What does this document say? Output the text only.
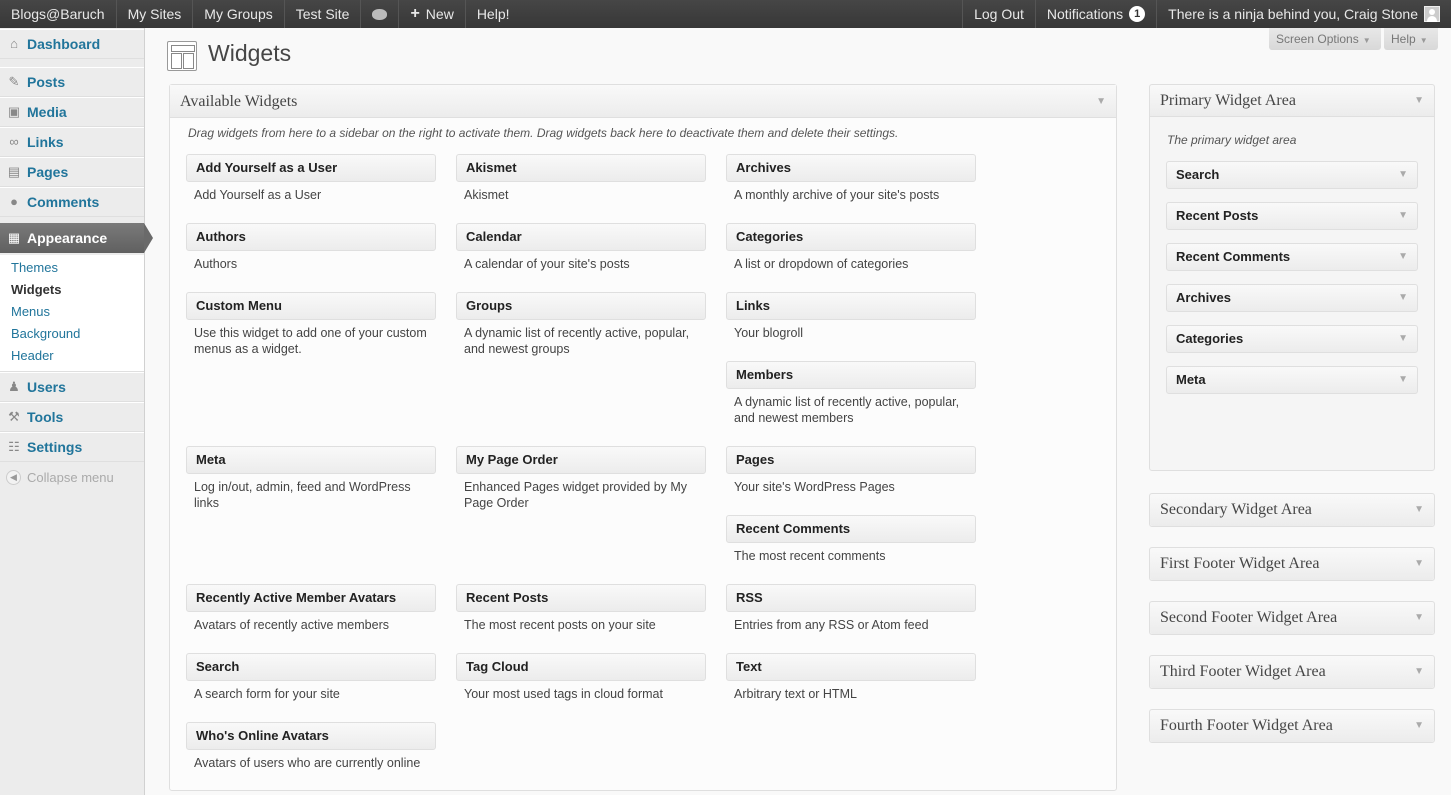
Blogs@Baruch	My Sites	My Groups	Test Site	+ New	Help!	Log Out	Notifications 1	There is a ninja behind you, Craig Stone
⌂ Dashboard
✎ Posts
▣ Media
∞ Links
▤ Pages
● Comments
▦ Appearance
Themes
Widgets
Menus
Background
Header
♟ Users
⚒ Tools
☷ Settings
◀ Collapse menu
Widgets
Screen Options ▼	Help ▼
Available Widgets	▼
Drag widgets from here to a sidebar on the right to activate them. Drag widgets back here to deactivate them and delete their settings.
Add Yourself as a User
Add Yourself as a User
Akismet
Akismet
Archives
A monthly archive of your site's posts
Authors
Authors
Calendar
A calendar of your site's posts
Categories
A list or dropdown of categories
Custom Menu
Use this widget to add one of your custom menus as a widget.
Groups
A dynamic list of recently active, popular, and newest groups
Links
Your blogroll
Members
A dynamic list of recently active, popular, and newest members
Meta
Log in/out, admin, feed and WordPress links
My Page Order
Enhanced Pages widget provided by My Page Order
Pages
Your site's WordPress Pages
Recent Comments
The most recent comments
Recently Active Member Avatars
Avatars of recently active members
Recent Posts
The most recent posts on your site
RSS
Entries from any RSS or Atom feed
Search
A search form for your site
Tag Cloud
Your most used tags in cloud format
Text
Arbitrary text or HTML
Who's Online Avatars
Avatars of users who are currently online
Primary Widget Area	▼
The primary widget area
Search	▼
Recent Posts	▼
Recent Comments	▼
Archives	▼
Categories	▼
Meta	▼
Secondary Widget Area	▼
First Footer Widget Area	▼
Second Footer Widget Area	▼
Third Footer Widget Area	▼
Fourth Footer Widget Area	▼
